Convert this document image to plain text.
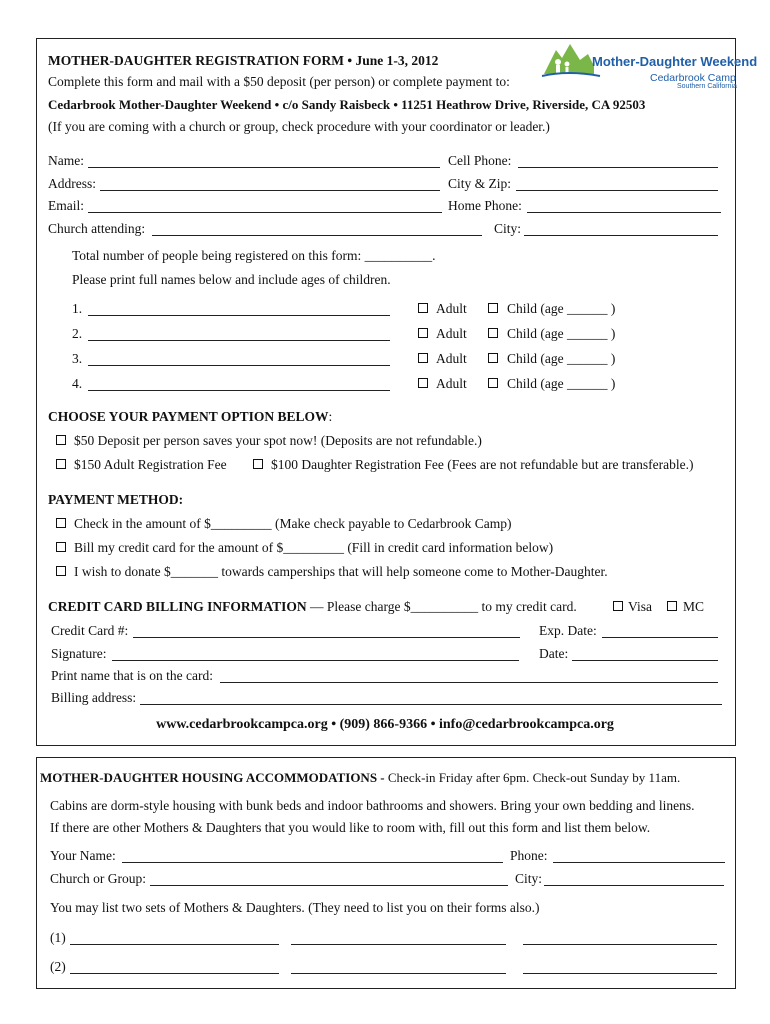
Mother-Daughter Weekend
Cedarbrook Camp
Southern California
MOTHER-DAUGHTER REGISTRATION FORM • June 1-3, 2012
Complete this form and mail with a $50 deposit (per person) or complete payment to:
Cedarbrook Mother-Daughter Weekend • c/o Sandy Raisbeck • 11251 Heathrow Drive, Riverside, CA 92503
(If you are coming with a church or group, check procedure with your coordinator or leader.)
Name:	Cell Phone:
Address:	City & Zip:
Email:	Home Phone:
Church attending:	City:
Total number of people being registered on this form: __________.
Please print full names below and include ages of children.
1.	Adult	Child (age ______ )
2.	Adult	Child (age ______ )
3.	Adult	Child (age ______ )
4.	Adult	Child (age ______ )
CHOOSE YOUR PAYMENT OPTION BELOW:
$50 Deposit per person saves your spot now! (Deposits are not refundable.)
$150 Adult Registration Fee	$100 Daughter Registration Fee (Fees are not refundable but are transferable.)
PAYMENT METHOD:
Check in the amount of $_________ (Make check payable to Cedarbrook Camp)
Bill my credit card for the amount of $_________ (Fill in credit card information below)
I wish to donate $_______ towards camperships that will help someone come to Mother-Daughter.
CREDIT CARD BILLING INFORMATION — Please charge $__________ to my credit card.	Visa MC
Credit Card #:	Exp. Date:
Signature:	Date:
Print name that is on the card:
Billing address:
www.cedarbrookcampca.org • (909) 866-9366 • info@cedarbrookcampca.org
MOTHER-DAUGHTER HOUSING ACCOMMODATIONS - Check-in Friday after 6pm. Check-out Sunday by 11am.
Cabins are dorm-style housing with bunk beds and indoor bathrooms and showers. Bring your own bedding and linens.
If there are other Mothers & Daughters that you would like to room with, fill out this form and list them below.
Your Name:	Phone:
Church or Group:	City:
You may list two sets of Mothers & Daughters. (They need to list you on their forms also.)
(1)
(2)
